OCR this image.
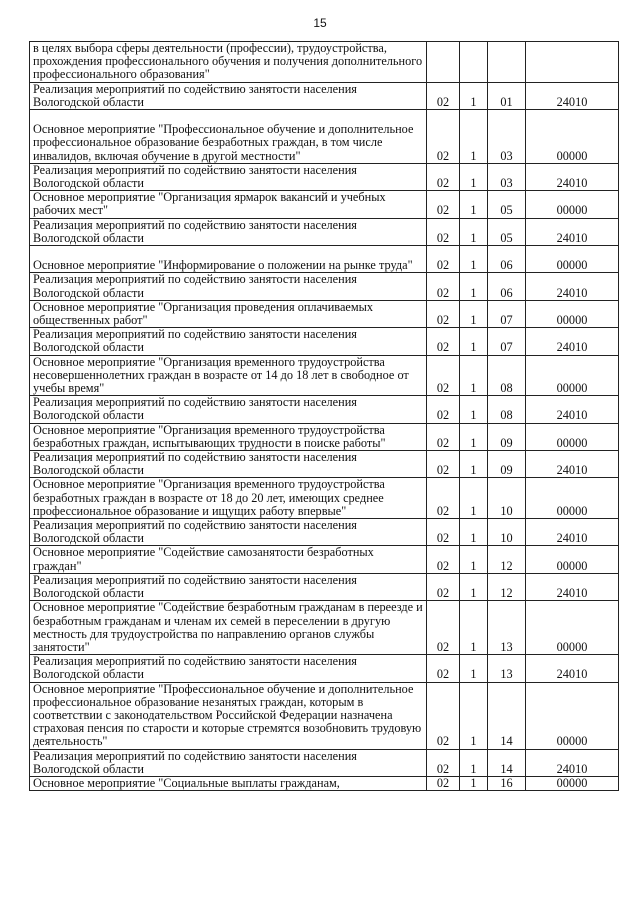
15
в целях выбора сферы деятельности (профессии), трудоустройства, прохождения профессионального обучения и получения дополнительного профессионального образования"				
Реализация мероприятий по содействию занятости населения Вологодской области	02	1	01	24010
Основное мероприятие "Профессиональное обучение и дополнительное профессиональное образование безработных граждан, в том числе инвалидов, включая обучение в другой местности"	02	1	03	00000
Реализация мероприятий по содействию занятости населения Вологодской области	02	1	03	24010
Основное мероприятие "Организация ярмарок вакансий и учебных рабочих мест"	02	1	05	00000
Реализация мероприятий по содействию занятости населения Вологодской области	02	1	05	24010
Основное мероприятие "Информирование о положении на рынке труда"	02	1	06	00000
Реализация мероприятий по содействию занятости населения Вологодской области	02	1	06	24010
Основное мероприятие "Организация проведения оплачиваемых общественных работ"	02	1	07	00000
Реализация мероприятий по содействию занятости населения Вологодской области	02	1	07	24010
Основное мероприятие "Организация временного трудоустройства несовершеннолетних граждан в возрасте от 14 до 18 лет в свободное от учебы время"	02	1	08	00000
Реализация мероприятий по содействию занятости населения Вологодской области	02	1	08	24010
Основное мероприятие "Организация временного трудоустройства безработных граждан, испытывающих трудности в поиске работы"	02	1	09	00000
Реализация мероприятий по содействию занятости населения Вологодской области	02	1	09	24010
Основное мероприятие "Организация временного трудоустройства безработных граждан в возрасте от 18 до 20 лет, имеющих среднее профессиональное образование и ищущих работу впервые"	02	1	10	00000
Реализация мероприятий по содействию занятости населения Вологодской области	02	1	10	24010
Основное мероприятие "Содействие самозанятости безработных граждан"	02	1	12	00000
Реализация мероприятий по содействию занятости населения Вологодской области	02	1	12	24010
Основное мероприятие "Содействие безработным гражданам в переезде и безработным гражданам и членам их семей в переселении в другую местность для трудоустройства по направлению органов службы занятости"	02	1	13	00000
Реализация мероприятий по содействию занятости населения Вологодской области	02	1	13	24010
Основное мероприятие "Профессиональное обучение и дополнительное профессиональное образование незанятых граждан, которым в соответствии с законодательством Российской Федерации назначена страховая пенсия по старости и которые стремятся возобновить трудовую деятельность"	02	1	14	00000
Реализация мероприятий по содействию занятости населения Вологодской области	02	1	14	24010
Основное мероприятие "Социальные выплаты гражданам,	02	1	16	00000
